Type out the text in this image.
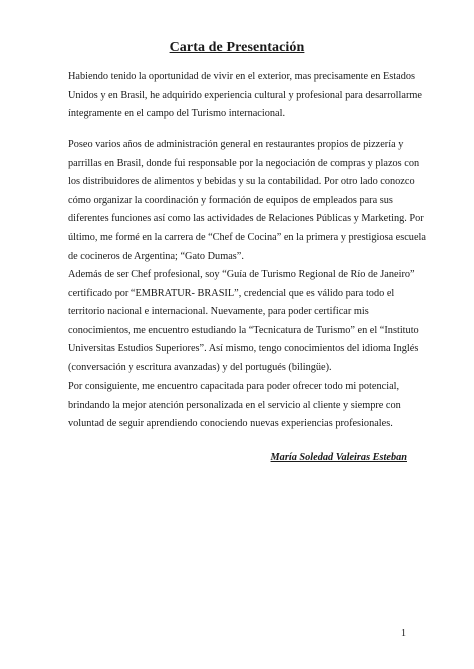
Carta de Presentación
Habiendo tenido la oportunidad de vivir en el exterior, mas precisamente en Estados
Unidos y en Brasil, he adquirido experiencia cultural y profesional para desarrollarme
íntegramente en el campo del Turismo internacional.
Poseo varios años de administración general en restaurantes propios de pizzería y
parrillas en Brasil, donde fui responsable por la negociación de compras y plazos con
los distribuidores de alimentos y bebidas y su la contabilidad. Por otro lado conozco
cómo organizar la coordinación y formación de equipos de empleados para sus
diferentes funciones así como las actividades de Relaciones Públicas y Marketing. Por
último, me formé en la carrera de “Chef de Cocina” en la primera y prestigiosa escuela
de cocineros de Argentina; “Gato Dumas”.
Además de ser Chef profesional, soy “Guía de Turismo Regional de Río de Janeiro”
certificado por “EMBRATUR- BRASIL”, credencial que es válido para todo el
territorio nacional e internacional. Nuevamente, para poder certificar mis
conocimientos, me encuentro estudiando la “Tecnicatura de Turismo” en el “Instituto
Universitas Estudios Superiores”. Así mismo, tengo conocimientos del idioma Inglés
(conversación y escritura avanzadas) y del portugués (bilingüe).
Por consiguiente, me encuentro capacitada para poder ofrecer todo mi potencial,
brindando la mejor atención personalizada en el servicio al cliente y siempre con
voluntad de seguir aprendiendo conociendo nuevas experiencias profesionales.
María Soledad Valeiras Esteban
1
